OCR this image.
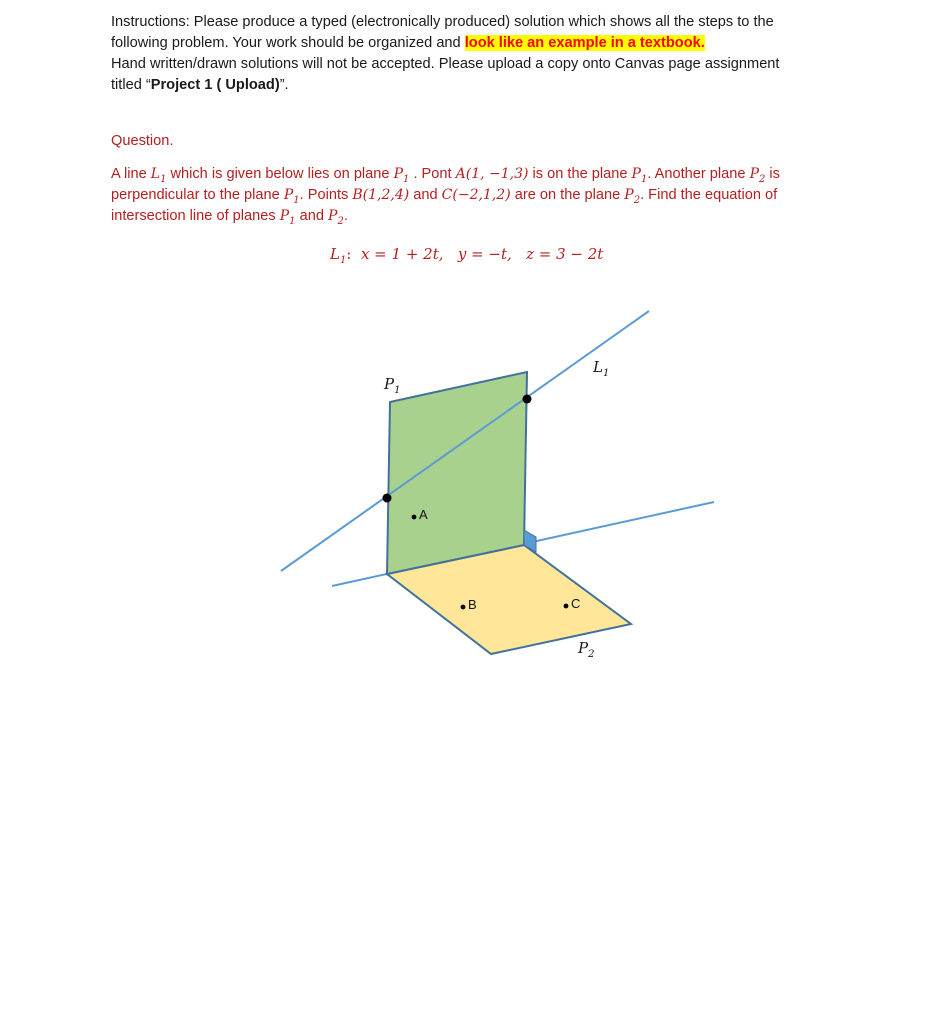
Instructions: Please produce a typed (electronically produced) solution which shows all the steps to the

following problem. Your work should be organized and look like an example in a textbook.

Hand written/drawn solutions will not be accepted. Please upload a copy onto Canvas page assignment

titled “Project 1 ( Upload)”.

Question.

A line $L_1$ which is given below lies on plane $P_1$ . Pont A(1, −1,3) is on the plane $P_1$. Another plane $P_2$ is

perpendicular to the plane $P_1$. Points B(1,2,4) and C(−2,1,2) are on the plane $P_2$. Find the equation of

intersection line of planes $P_1$ and $P_2$.

$L_1$:  x = 1 + 2t, y = −t, z = 3 − 2t
$P_1$
$L_1$
$P_2$
A
B	C
